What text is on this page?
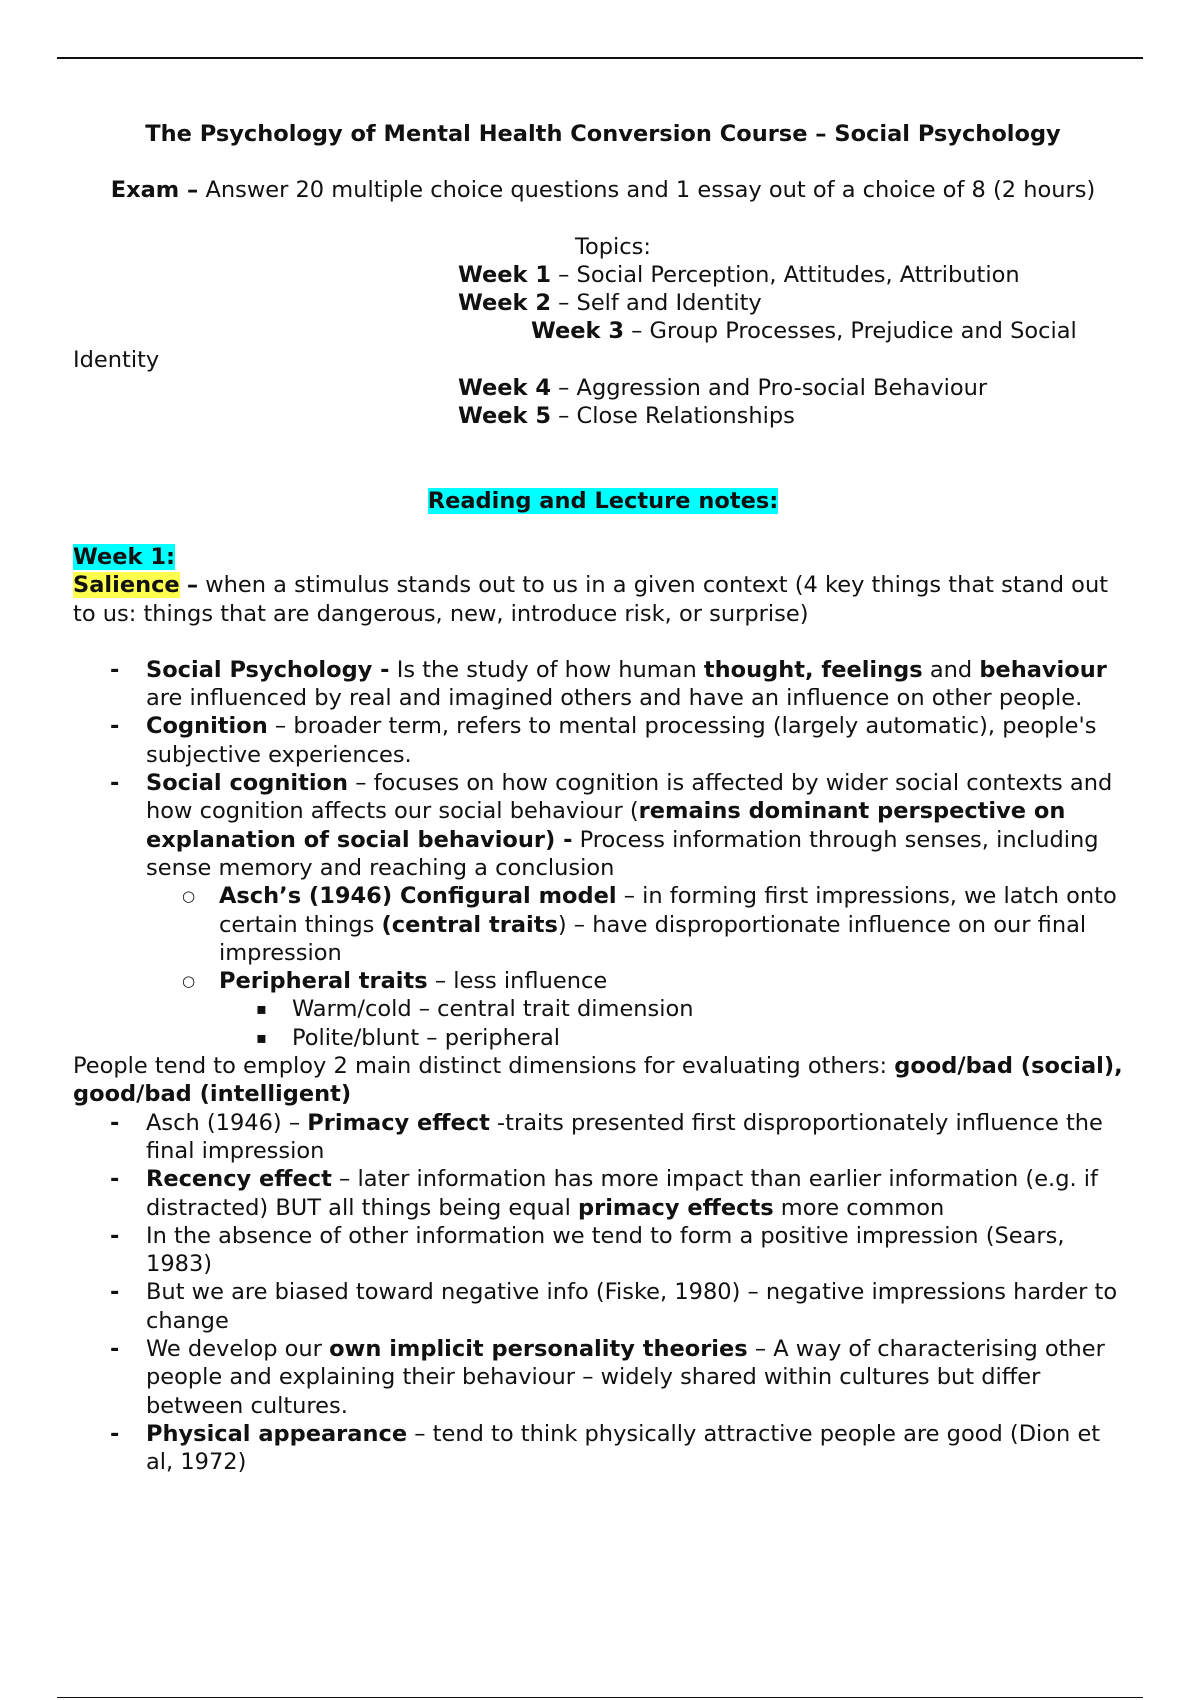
The Psychology of Mental Health Conversion Course – Social Psychology

Exam – Answer 20 multiple choice questions and 1 essay out of a choice of 8 (2 hours)

Topics:

Week 1 – Social Perception, Attitudes, Attribution

Week 2 – Self and Identity

Week 3 – Group Processes, Prejudice and Social Identity

Week 4 – Aggression and Pro-social Behaviour

Week 5 – Close Relationships

Reading and Lecture notes:

Week 1:

Salience – when a stimulus stands out to us in a given context (4 key things that stand out to us: things that are dangerous, new, introduce risk, or surprise)

- Social Psychology - Is the study of how human thought, feelings and behaviour are influenced by real and imagined others and have an influence on other people.
- Cognition – broader term, refers to mental processing (largely automatic), people's subjective experiences.
- Social cognition – focuses on how cognition is affected by wider social contexts and how cognition affects our social behaviour (remains dominant perspective on explanation of social behaviour) - Process information through senses, including sense memory and reaching a conclusion
○ Asch’s (1946) Configural model – in forming first impressions, we latch onto certain things (central traits) – have disproportionate influence on our final impression
○ Peripheral traits – less influence
▪ Warm/cold – central trait dimension
▪ Polite/blunt – peripheral

People tend to employ 2 main distinct dimensions for evaluating others: good/bad (social), good/bad (intelligent)

- Asch (1946) – Primacy effect -traits presented first disproportionately influence the final impression
- Recency effect – later information has more impact than earlier information (e.g. if distracted) BUT all things being equal primacy effects more common
- In the absence of other information we tend to form a positive impression (Sears, 1983)
- But we are biased toward negative info (Fiske, 1980) – negative impressions harder to change
- We develop our own implicit personality theories – A way of characterising other people and explaining their behaviour – widely shared within cultures but differ between cultures.
- Physical appearance – tend to think physically attractive people are good (Dion et al, 1972)
